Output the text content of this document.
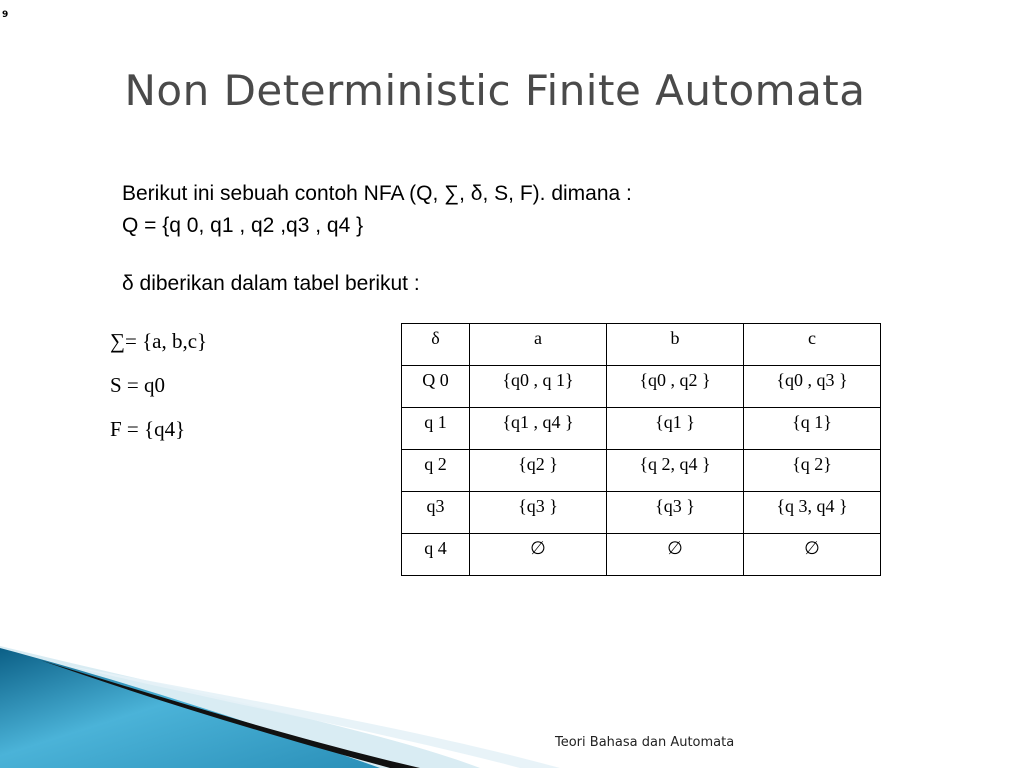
9
Non Deterministic Finite Automata
Berikut ini sebuah contoh NFA (Q, ∑, δ, S, F). dimana :
Q = {q 0, q1 , q2 ,q3 , q4 }
δ diberikan dalam tabel berikut :
∑= {a, b,c}
S = q0
F = {q4}
δ	a	b	c
Q 0	{q0 , q 1}	{q0 , q2 }	{q0 , q3 }
q 1	{q1 , q4 }	{q1 }	{q 1}
q 2	{q2 }	{q 2, q4 }	{q 2}
q3	{q3 }	{q3 }	{q 3, q4 }
q 4	∅	∅	∅
Teori Bahasa dan Automata
